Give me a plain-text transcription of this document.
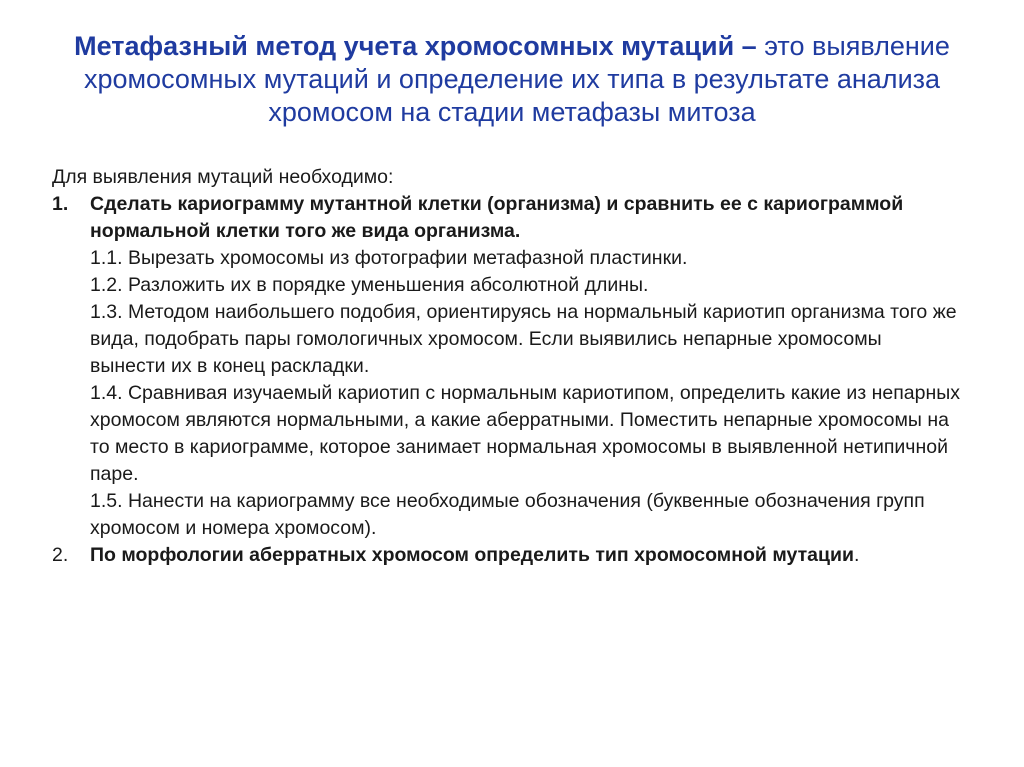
Метафазный метод учета хромосомных мутаций – это выявление хромосомных мутаций и определение их типа в результате анализа хромосом на стадии метафазы митоза

Для выявления мутаций необходимо:

1. Сделать кариограмму мутантной клетки (организма) и сравнить ее с кариограммой нормальной клетки того же вида организма.

1.1. Вырезать хромосомы из фотографии метафазной пластинки.

1.2. Разложить их в порядке уменьшения абсолютной длины.

1.3. Методом наибольшего подобия, ориентируясь на нормальный кариотип организма того же вида, подобрать пары гомологичных хромосом. Если выявились непарные хромосомы вынести их в конец раскладки.

1.4. Сравнивая изучаемый кариотип с нормальным кариотипом, определить какие из непарных хромосом являются нормальными, а какие аберратными. Поместить непарные хромосомы на то место в кариограмме, которое занимает нормальная хромосомы в выявленной нетипичной паре.

1.5. Нанести на кариограмму все необходимые обозначения (буквенные обозначения групп хромосом и номера хромосом).

2. По морфологии аберратных хромосом определить тип хромосомной мутации.
